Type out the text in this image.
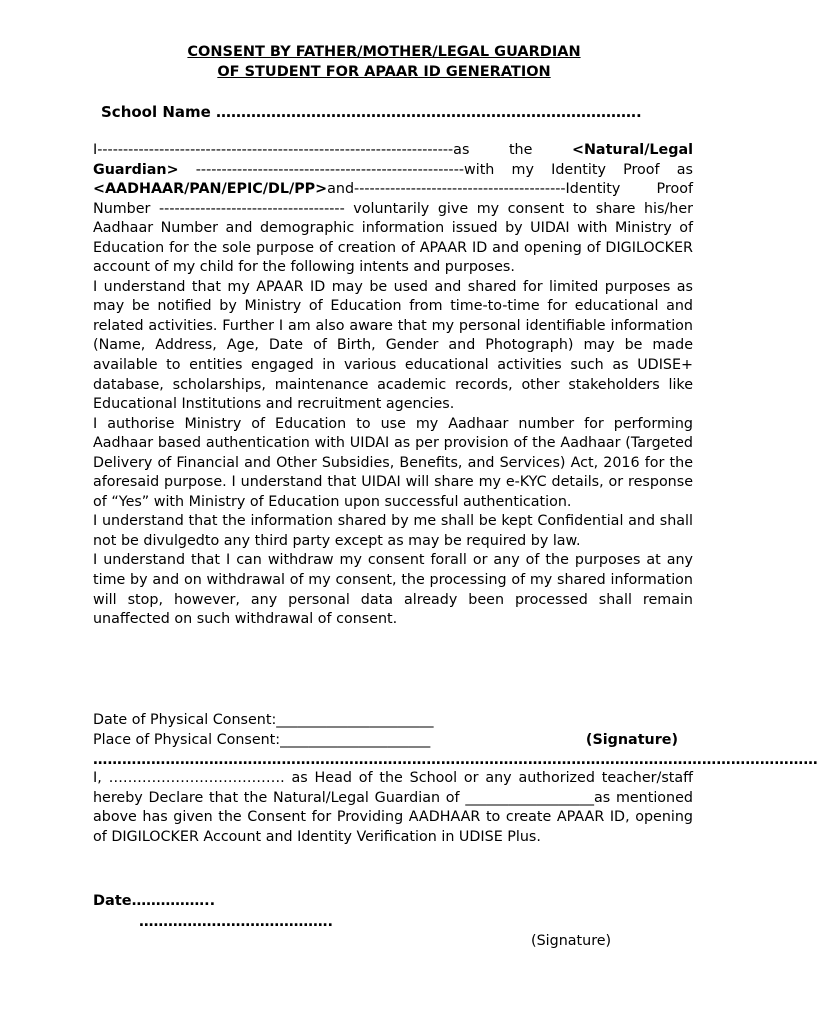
CONSENT BY FATHER/MOTHER/LEGAL GUARDIAN
OF STUDENT FOR APAAR ID GENERATION
School Name ………………………………………………………………………….

I---------------------------------------------------------------------as the <Natural/Legal Guardian> ----------------------------------------------------with my Identity Proof as <AADHAAR/PAN/EPIC/DL/PP>and-----------------------------------------Identity Proof Number ------------------------------------ voluntarily give my consent to share his/her Aadhaar Number and demographic information issued by UIDAI with Ministry of Education for the sole purpose of creation of APAAR ID and opening of DIGILOCKER account of my child for the following intents and purposes.

I understand that my APAAR ID may be used and shared for limited purposes as may be notified by Ministry of Education from time-to-time for educational and related activities. Further I am also aware that my personal identifiable information (Name, Address, Age, Date of Birth, Gender and Photograph) may be made available to entities engaged in various educational activities such as UDISE+ database, scholarships, maintenance academic records, other stakeholders like Educational Institutions and recruitment agencies.

I authorise Ministry of Education to use my Aadhaar number for performing Aadhaar based authentication with UIDAI as per provision of the Aadhaar (Targeted Delivery of Financial and Other Subsidies, Benefits, and Services) Act, 2016 for the aforesaid purpose. I understand that UIDAI will share my e-KYC details, or response of “Yes” with Ministry of Education upon successful authentication.

I understand that the information shared by me shall be kept Confidential and shall not be divulgedto any third party except as may be required by law.

I understand that I can withdraw my consent forall or any of the purposes at any time by and on withdrawal of my consent, the processing of my shared information will stop, however, any personal data already been processed shall remain unaffected on such withdrawal of consent.

Date of Physical Consent:______________________
Place of Physical Consent:_____________________	(Signature)
……………………………………………………………………………………………………………………………………

I, ………………………………. as Head of the School or any authorized teacher/staff hereby Declare that the Natural/Legal Guardian of __________________as mentioned above has given the Consent for Providing AADHAAR to create APAAR ID, opening of DIGILOCKER Account and Identity Verification in UDISE Plus.

Date……………..
………………………………….
(Signature)
